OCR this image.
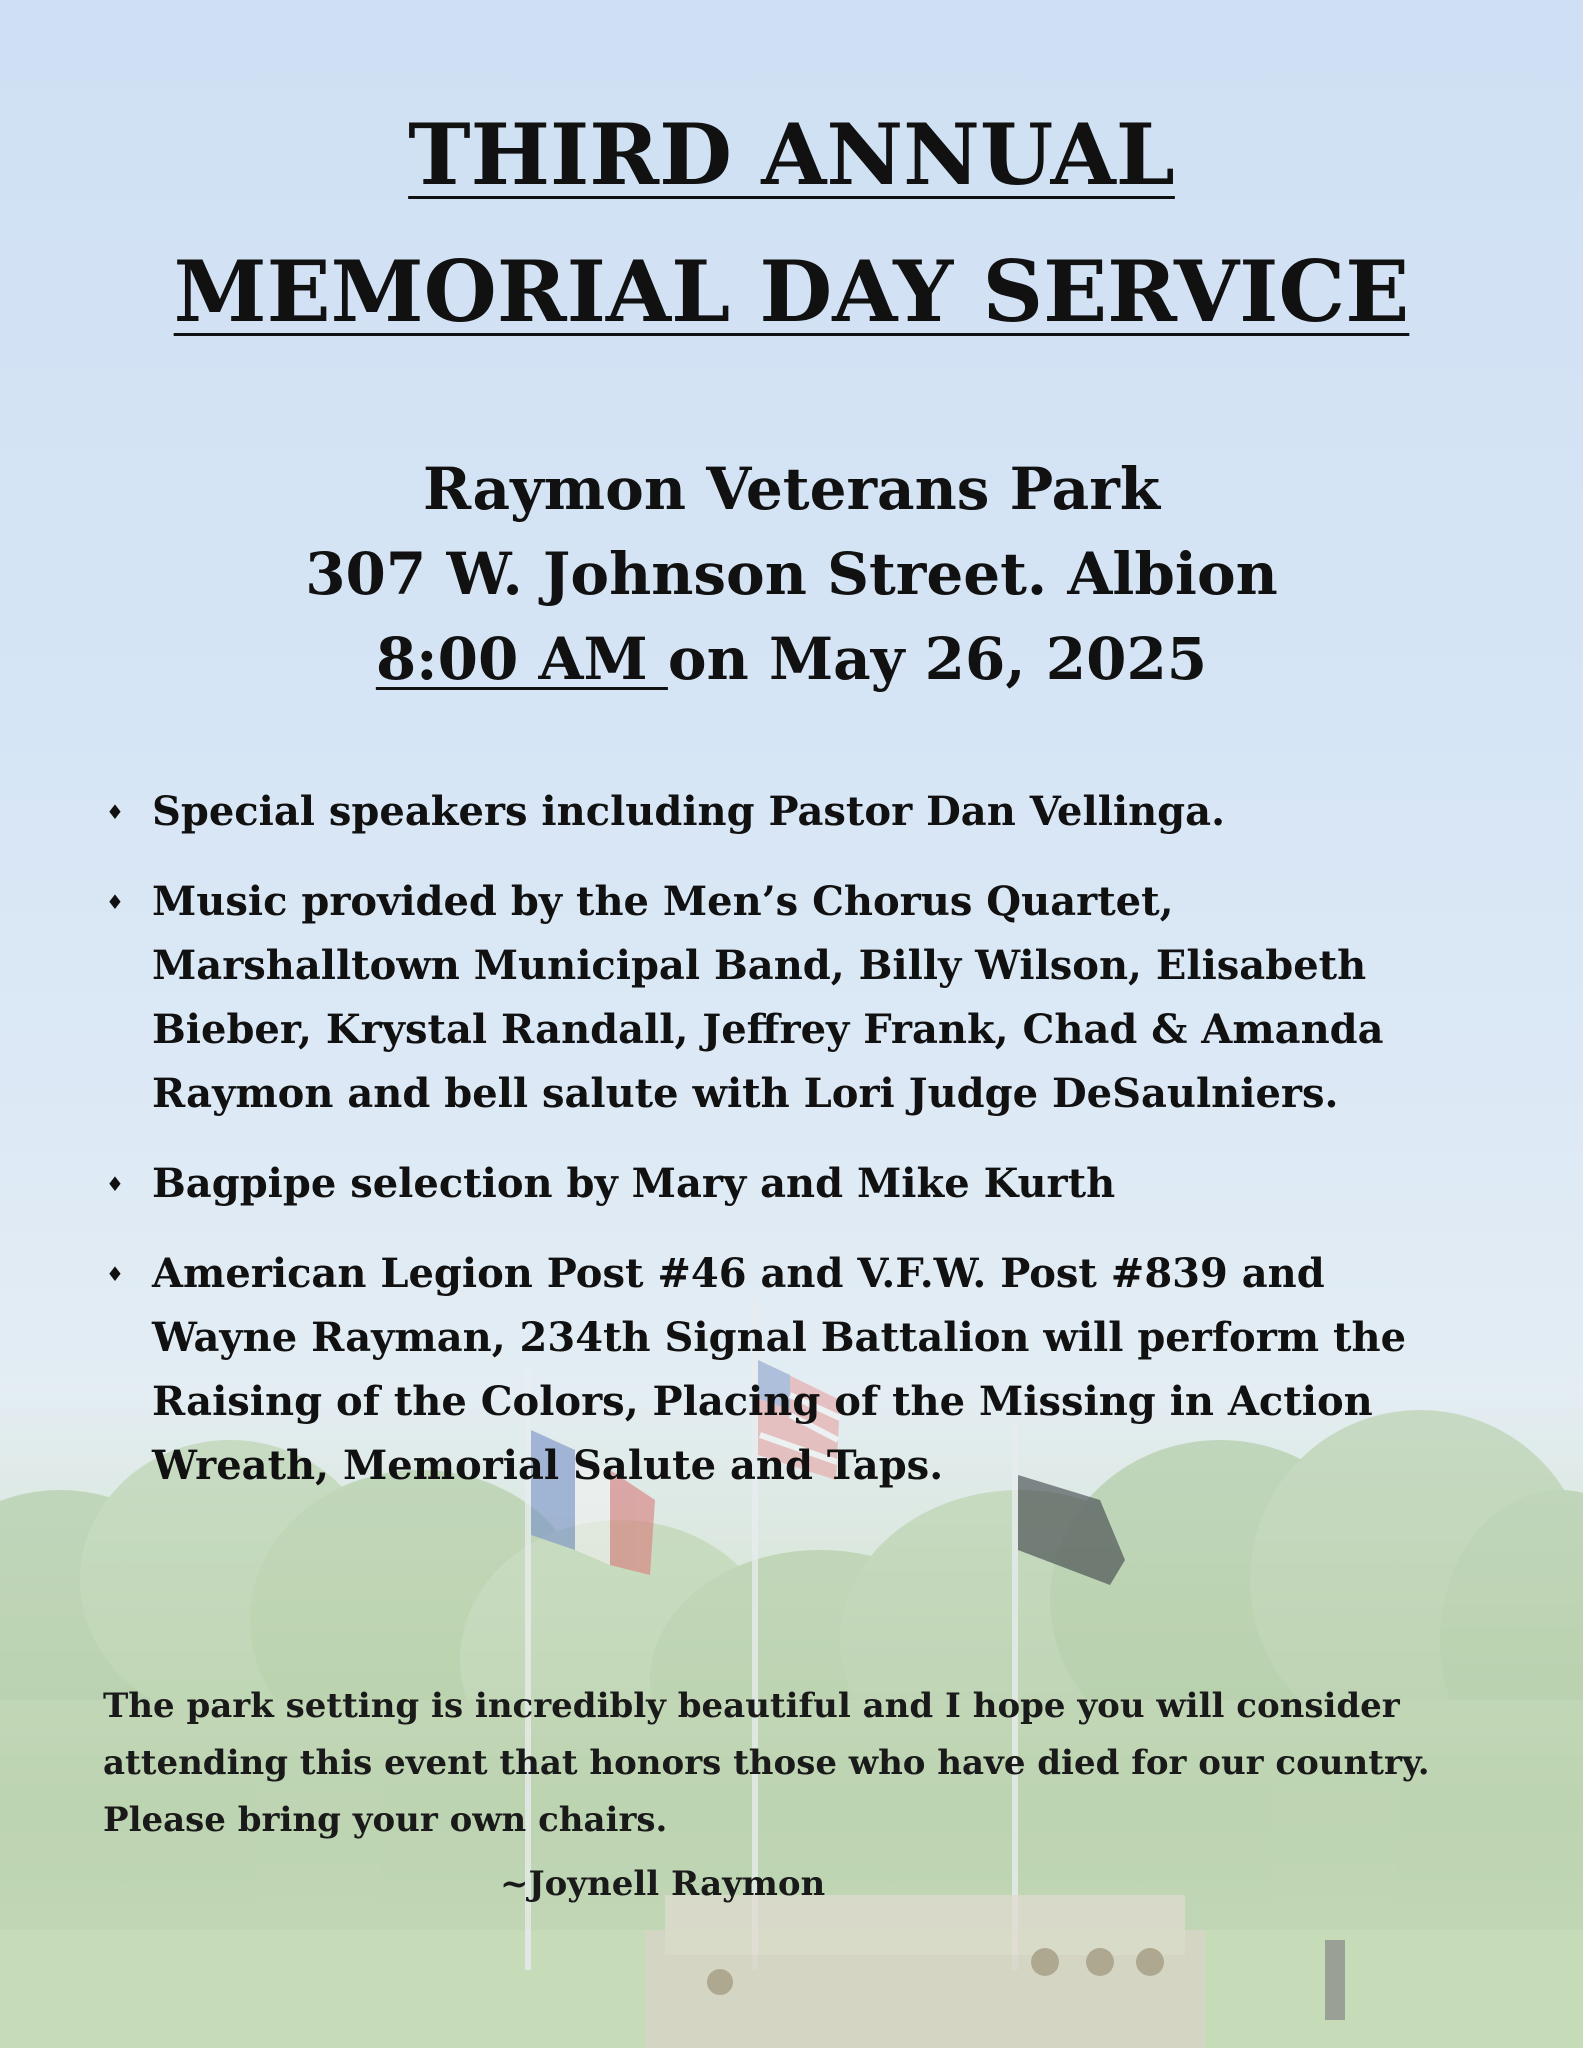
THIRD ANNUAL
MEMORIAL DAY SERVICE
Raymon Veterans Park
307 W. Johnson Street. Albion
8:00 AM on May 26, 2025
♦ Special speakers including Pastor Dan Vellinga.
♦ Music provided by the Men’s Chorus Quartet, Marshalltown Municipal Band, Billy Wilson, Elisabeth Bieber, Krystal Randall, Jeffrey Frank, Chad & Amanda Raymon and bell salute with Lori Judge DeSaulniers.
♦ Bagpipe selection by Mary and Mike Kurth
♦ American Legion Post #46 and V.F.W. Post #839 and Wayne Rayman, 234th Signal Battalion will perform the Raising of the Colors, Placing of the Missing in Action Wreath, Memorial Salute and Taps.
The park setting is incredibly beautiful and I hope you will consider
attending this event that honors those who have died for our country.
Please bring your own chairs.
~Joynell Raymon
